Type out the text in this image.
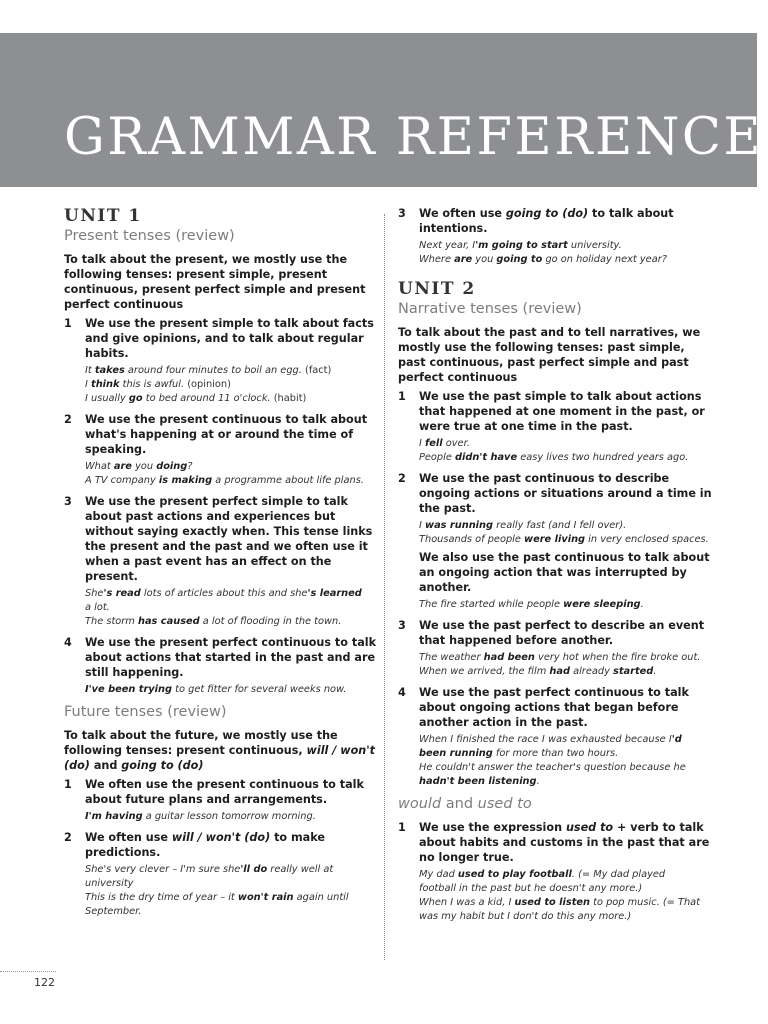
GRAMMAR REFERENCE
UNIT 1
Present tenses (review)

To talk about the present, we mostly use the following tenses: present simple, present continuous, present perfect simple and present perfect continuous

1 We use the present simple to talk about facts and give opinions, and to talk about regular habits.

It takes around four minutes to boil an egg. (fact)

I think this is awful. (opinion)

I usually go to bed around 11 o'clock. (habit)

2 We use the present continuous to talk about what's happening at or around the time of speaking.

What are you doing?

A TV company is making a programme about life plans.

3 We use the present perfect simple to talk about past actions and experiences but without saying exactly when. This tense links the present and the past and we often use it when a past event has an effect on the present.

She's read lots of articles about this and she's learned

a lot.

The storm has caused a lot of flooding in the town.

4 We use the present perfect continuous to talk about actions that started in the past and are still happening.

I've been trying to get fitter for several weeks now.

Future tenses (review)

To talk about the future, we mostly use the following tenses: present continuous, will / won't (do) and going to (do)

1 We often use the present continuous to talk about future plans and arrangements.

I'm having a guitar lesson tomorrow morning.

2 We often use will / won't (do) to make predictions.

She's very clever – I'm sure she'll do really well at

university

This is the dry time of year – it won't rain again until

September.

3 We often use going to (do) to talk about intentions.

Next year, I'm going to start university.

Where are you going to go on holiday next year?

UNIT 2
Narrative tenses (review)

To talk about the past and to tell narratives, we mostly use the following tenses: past simple, past continuous, past perfect simple and past perfect continuous

1 We use the past simple to talk about actions that happened at one moment in the past, or were true at one time in the past.

I fell over.

People didn't have easy lives two hundred years ago.

2 We use the past continuous to describe ongoing actions or situations around a time in the past.

I was running really fast (and I fell over).

Thousands of people were living in very enclosed spaces.

We also use the past continuous to talk about an ongoing action that was interrupted by another.

The fire started while people were sleeping.

3 We use the past perfect to describe an event that happened before another.

The weather had been very hot when the fire broke out.

When we arrived, the film had already started.

4 We use the past perfect continuous to talk about ongoing actions that began before another action in the past.

When I finished the race I was exhausted because I'd

been running for more than two hours.

He couldn't answer the teacher's question because he

hadn't been listening.

would and used to
1 We use the expression used to + verb to talk about habits and customs in the past that are no longer true.

My dad used to play football. (= My dad played

football in the past but he doesn't any more.)

When I was a kid, I used to listen to pop music. (= That

was my habit but I don't do this any more.)

122
